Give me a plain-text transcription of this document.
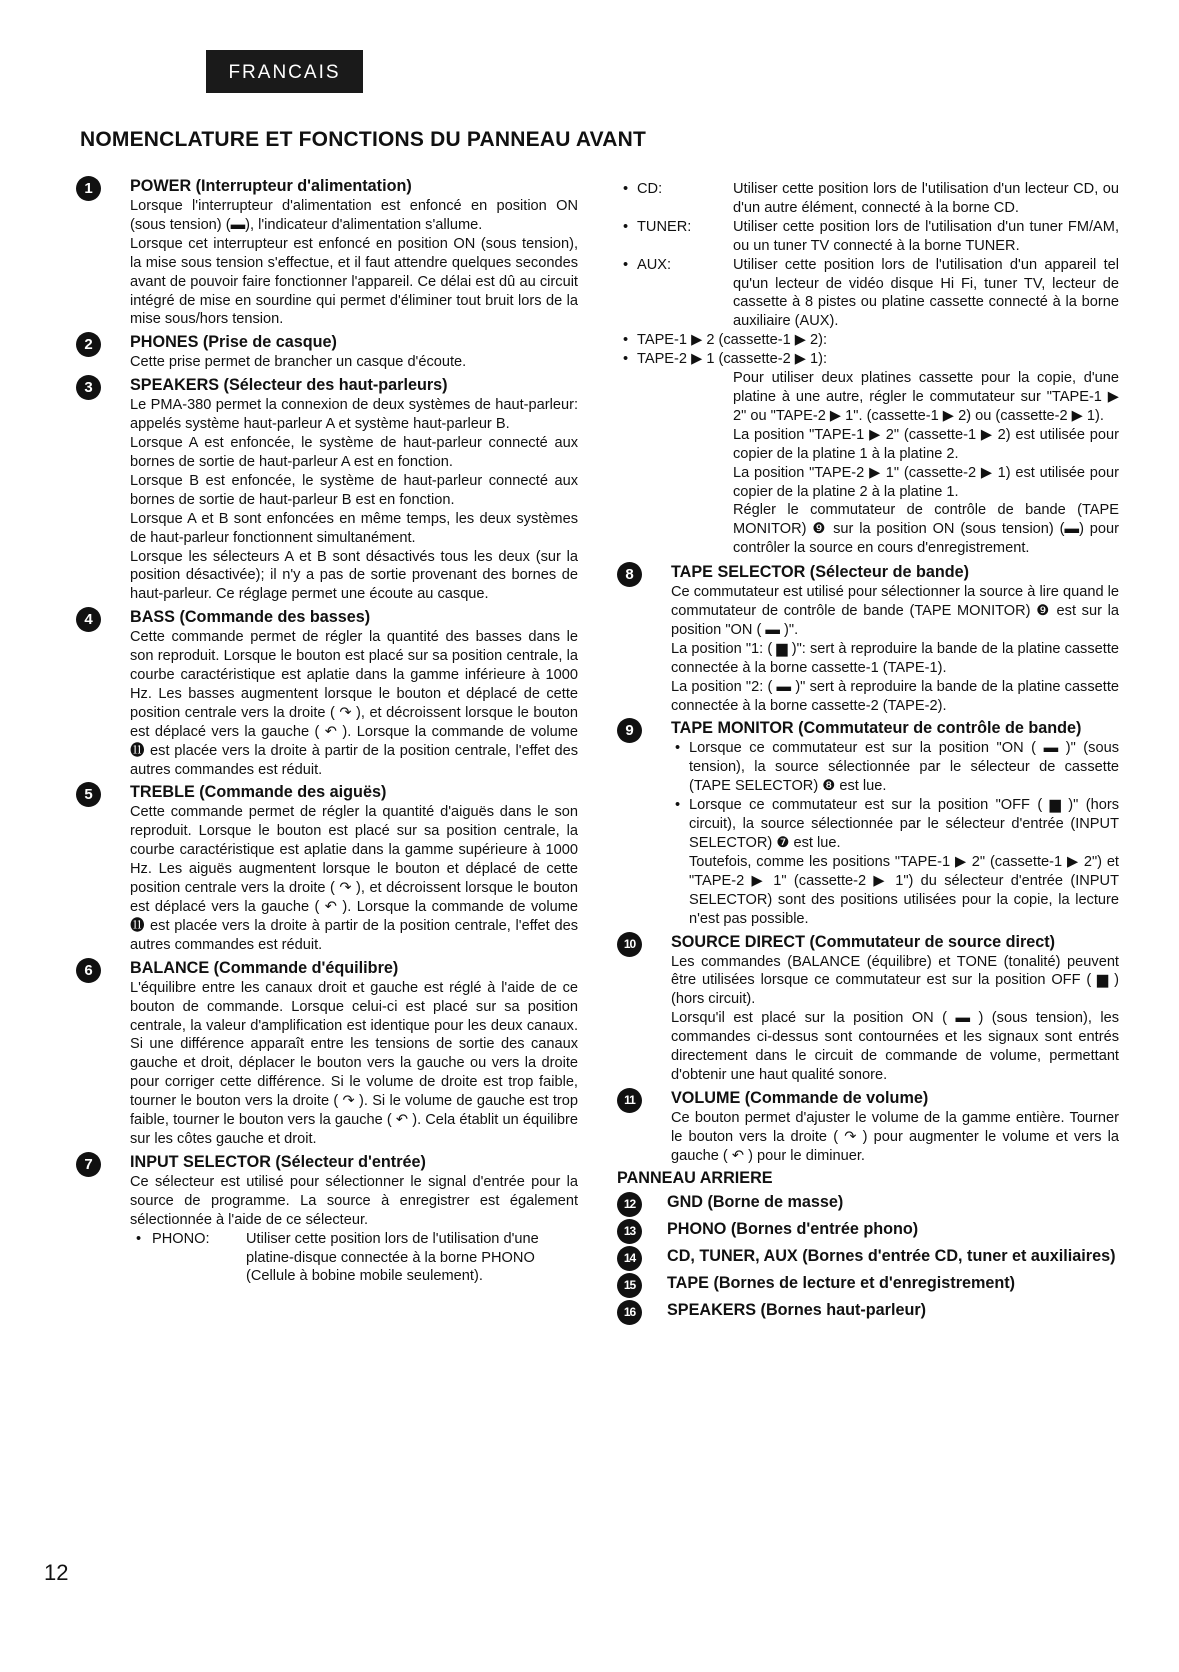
FRANCAIS
NOMENCLATURE ET FONCTIONS DU PANNEAU AVANT
1	POWER (Interrupteur d'alimentation)
Lorsque l'interrupteur d'alimentation est enfoncé en position ON (sous tension) (▬), l'indicateur d'alimentation s'allume.
Lorsque cet interrupteur est enfoncé en position ON (sous tension), la mise sous tension s'effectue, et il faut attendre quelques secondes avant de pouvoir faire fonctionner l'appareil. Ce délai est dû au circuit intégré de mise en sourdine qui permet d'éliminer tout bruit lors de la mise sous/hors tension.
2	PHONES (Prise de casque)
Cette prise permet de brancher un casque d'écoute.
3	SPEAKERS (Sélecteur des haut-parleurs)
Le PMA-380 permet la connexion de deux systèmes de haut-parleur: appelés système haut-parleur A et système haut-parleur B.
Lorsque A est enfoncée, le système de haut-parleur connecté aux bornes de sortie de haut-parleur A est en fonction.
Lorsque B est enfoncée, le système de haut-parleur connecté aux bornes de sortie de haut-parleur B est en fonction.
Lorsque A et B sont enfoncées en même temps, les deux systèmes de haut-parleur fonctionnent simultanément.
Lorsque les sélecteurs A et B sont désactivés tous les deux (sur la position désactivée); il n'y a pas de sortie provenant des bornes de haut-parleur. Ce réglage permet une écoute au casque.
4	BASS (Commande des basses)
Cette commande permet de régler la quantité des basses dans le son reproduit. Lorsque le bouton est placé sur sa position centrale, la courbe caractéristique est aplatie dans la gamme inférieure à 1000 Hz. Les basses augmentent lorsque le bouton et déplacé de cette position centrale vers la droite ( ↷ ), et décroissent lorsque le bouton est déplacé vers la gauche ( ↶ ). Lorsque la commande de volume ⓫ est placée vers la droite à partir de la position centrale, l'effet des autres commandes est réduit.
5	TREBLE (Commande des aiguës)
Cette commande permet de régler la quantité d'aiguës dans le son reproduit. Lorsque le bouton est placé sur sa position centrale, la courbe caractéristique est aplatie dans la gamme supérieure à 1000 Hz. Les aiguës augmentent lorsque le bouton et déplacé de cette position centrale vers la droite ( ↷ ), et décroissent lorsque le bouton est déplacé vers la gauche ( ↶ ). Lorsque la commande de volume ⓫ est placée vers la droite à partir de la position centrale, l'effet des autres commandes est réduit.
6	BALANCE (Commande d'équilibre)
L'équilibre entre les canaux droit et gauche est réglé à l'aide de ce bouton de commande. Lorsque celui-ci est placé sur sa position centrale, la valeur d'amplification est identique pour les deux canaux. Si une différence apparaît entre les tensions de sortie des canaux gauche et droit, déplacer le bouton vers la gauche ou vers la droite pour corriger cette différence. Si le volume de droite est trop faible, tourner le bouton vers la droite ( ↷ ). Si le volume de gauche est trop faible, tourner le bouton vers la gauche ( ↶ ). Cela établit un équilibre sur les côtes gauche et droit.
7	INPUT SELECTOR (Sélecteur d'entrée)
Ce sélecteur est utilisé pour sélectionner le signal d'entrée pour la source de programme. La source à enregistrer est également sélectionnée à l'aide de ce sélecteur.
• PHONO:	Utiliser cette position lors de l'utilisation d'une platine-disque connectée à la borne PHONO (Cellule à bobine mobile seulement).
• CD:	Utiliser cette position lors de l'utilisation d'un lecteur CD, ou d'un autre élément, connecté à la borne CD.
• TUNER:	Utiliser cette position lors de l'utilisation d'un tuner FM/AM, ou un tuner TV connecté à la borne TUNER.
• AUX:	Utiliser cette position lors de l'utilisation d'un appareil tel qu'un lecteur de vidéo disque Hi Fi, tuner TV, lecteur de cassette à 8 pistes ou platine cassette connecté à la borne auxiliaire (AUX).
• TAPE-1 ▶ 2 (cassette-1 ▶ 2):
• TAPE-2 ▶ 1 (cassette-2 ▶ 1):
Pour utiliser deux platines cassette pour la copie, d'une platine à une autre, régler le commutateur sur "TAPE-1 ▶ 2" ou "TAPE-2 ▶ 1". (cassette-1 ▶ 2) ou (cassette-2 ▶ 1).
La position "TAPE-1 ▶ 2" (cassette-1 ▶ 2) est utilisée pour copier de la platine 1 à la platine 2.
La position "TAPE-2 ▶ 1" (cassette-2 ▶ 1) est utilisée pour copier de la platine 2 à la platine 1.
Régler le commutateur de contrôle de bande (TAPE MONITOR) ❾ sur la position ON (sous tension) (▬) pour contrôler la source en cours d'enregistrement.
8	TAPE SELECTOR (Sélecteur de bande)
Ce commutateur est utilisé pour sélectionner la source à lire quand le commutateur de contrôle de bande (TAPE MONITOR) ❾ est sur la position "ON ( ▬ )".
La position "1: ( ▆ )": sert à reproduire la bande de la platine cassette connectée à la borne cassette-1 (TAPE-1).
La position "2: ( ▬ )" sert à reproduire la bande de la platine cassette connectée à la borne cassette-2 (TAPE-2).
9	TAPE MONITOR (Commutateur de contrôle de bande)
• Lorsque ce commutateur est sur la position "ON ( ▬ )" (sous tension), la source sélectionnée par le sélecteur de cassette (TAPE SELECTOR) ❽ est lue.
• Lorsque ce commutateur est sur la position "OFF ( ▆ )" (hors circuit), la source sélectionnée par le sélecteur d'entrée (INPUT SELECTOR) ❼ est lue.
Toutefois, comme les positions "TAPE-1 ▶ 2" (cassette-1 ▶ 2") et "TAPE-2 ▶ 1" (cassette-2 ▶ 1") du sélecteur d'entrée (INPUT SELECTOR) sont des positions utilisées pour la copie, la lecture n'est pas possible.
10	SOURCE DIRECT (Commutateur de source direct)
Les commandes (BALANCE (équilibre) et TONE (tonalité) peuvent être utilisées lorsque ce commutateur est sur la position OFF ( ▆ ) (hors circuit).
Lorsqu'il est placé sur la position ON ( ▬ ) (sous tension), les commandes ci-dessus sont contournées et les signaux sont entrés directement dans le circuit de commande de volume, permettant d'obtenir une haut qualité sonore.
11	VOLUME (Commande de volume)
Ce bouton permet d'ajuster le volume de la gamme entière. Tourner le bouton vers la droite ( ↷ ) pour augmenter le volume et vers la gauche ( ↶ ) pour le diminuer.
PANNEAU ARRIERE
12	GND (Borne de masse)
13	PHONO (Bornes d'entrée phono)
14	CD, TUNER, AUX (Bornes d'entrée CD, tuner et auxiliaires)
15	TAPE (Bornes de lecture et d'enregistrement)
16	SPEAKERS (Bornes haut-parleur)
12
